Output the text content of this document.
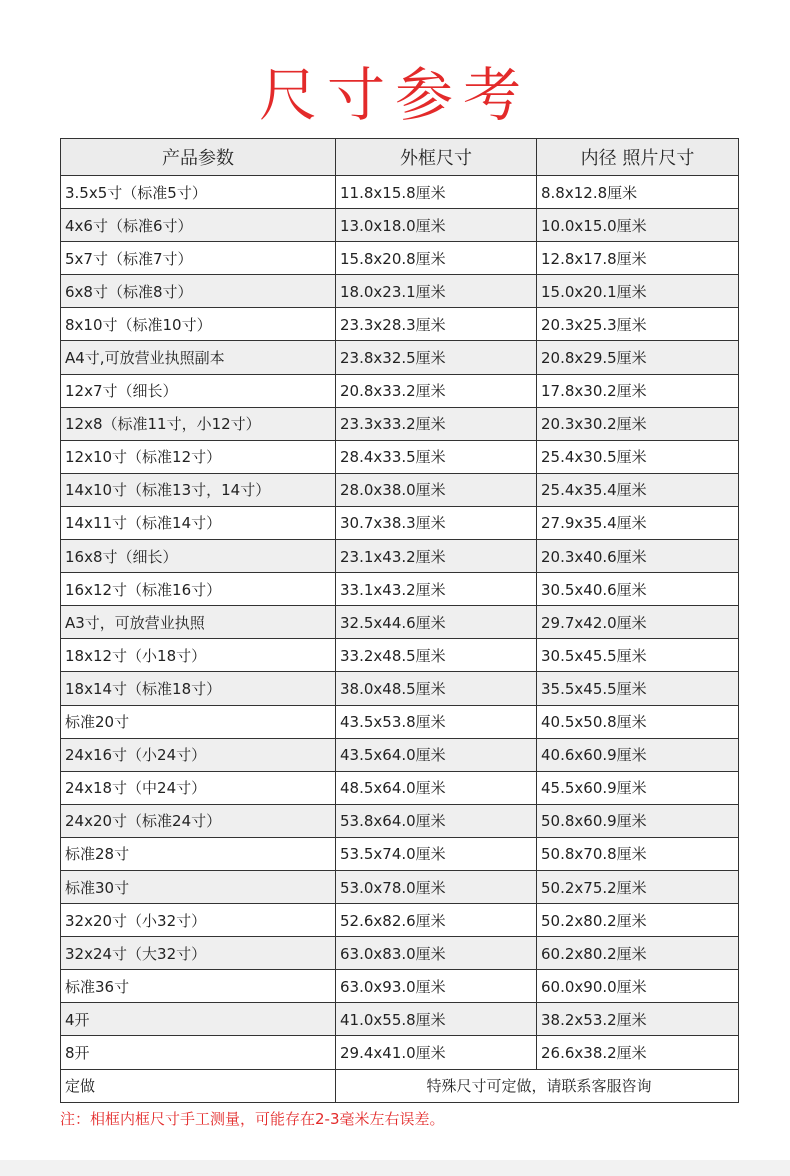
尺寸参考
产品参数	外框尺寸	内径 照片尺寸
3.5x5寸（标准5寸）	11.8x15.8厘米	8.8x12.8厘米
4x6寸（标准6寸）	13.0x18.0厘米	10.0x15.0厘米
5x7寸（标准7寸）	15.8x20.8厘米	12.8x17.8厘米
6x8寸（标准8寸）	18.0x23.1厘米	15.0x20.1厘米
8x10寸（标准10寸）	23.3x28.3厘米	20.3x25.3厘米
A4寸,可放营业执照副本	23.8x32.5厘米	20.8x29.5厘米
12x7寸（细长）	20.8x33.2厘米	17.8x30.2厘米
12x8（标准11寸，小12寸）	23.3x33.2厘米	20.3x30.2厘米
12x10寸（标准12寸）	28.4x33.5厘米	25.4x30.5厘米
14x10寸（标准13寸，14寸）	28.0x38.0厘米	25.4x35.4厘米
14x11寸（标准14寸）	30.7x38.3厘米	27.9x35.4厘米
16x8寸（细长）	23.1x43.2厘米	20.3x40.6厘米
16x12寸（标准16寸）	33.1x43.2厘米	30.5x40.6厘米
A3寸，可放营业执照	32.5x44.6厘米	29.7x42.0厘米
18x12寸（小18寸）	33.2x48.5厘米	30.5x45.5厘米
18x14寸（标准18寸）	38.0x48.5厘米	35.5x45.5厘米
标准20寸	43.5x53.8厘米	40.5x50.8厘米
24x16寸（小24寸）	43.5x64.0厘米	40.6x60.9厘米
24x18寸（中24寸）	48.5x64.0厘米	45.5x60.9厘米
24x20寸（标准24寸）	53.8x64.0厘米	50.8x60.9厘米
标准28寸	53.5x74.0厘米	50.8x70.8厘米
标准30寸	53.0x78.0厘米	50.2x75.2厘米
32x20寸（小32寸）	52.6x82.6厘米	50.2x80.2厘米
32x24寸（大32寸）	63.0x83.0厘米	60.2x80.2厘米
标准36寸	63.0x93.0厘米	60.0x90.0厘米
4开	41.0x55.8厘米	38.2x53.2厘米
8开	29.4x41.0厘米	26.6x38.2厘米
定做	特殊尺寸可定做，请联系客服咨询	
注：相框内框尺寸手工测量，可能存在2-3毫米左右误差。
